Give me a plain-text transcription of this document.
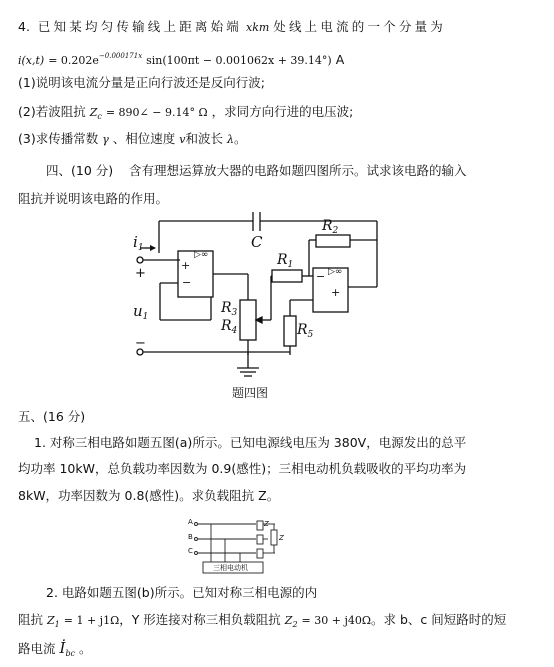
4. 已知某均匀传输线上距离始端 xkm 处线上电流的一个分量为
$i(x,t) = 0.202e^{-0.000171x}$ sin(100πt − 0.001062x + 39.14°) A
(1)说明该电流分量是正向行波还是反向行波;
(2)若波阻抗 $Z_c$ = 890∠ − 9.14° Ω ，求同方向行进的电压波;
(3)求传播常数 γ 、相位速度 v和波长 λ。
四、(10 分) 含有理想运算放大器的电路如题四图所示。试求该电路的输入
阻抗并说明该电路的作用。
$i_1$
+
$u_1$
−
C
$R_1$
$R_2$
$R_3$
$R_4$	$R_5$
▷∞
+
−
▷∞
−
+
题四图
五、(16 分)
1. 对称三相电路如题五图(a)所示。已知电源线电压为 380V，电源发出的总平
均功率 10kW，总负载功率因数为 0.9(感性)；三相电动机负载吸收的平均功率为
8kW，功率因数为 0.8(感性)。求负载阻抗 Z。
A
B
C
Z
Z
三相电动机
2. 电路如题五图(b)所示。已知对称三相电源的内
阻抗 $Z_1 = 1 + j1\Omega$，Y 形连接对称三相负载阻抗 $Z_2 = 30 + j40\Omega$。求 b、c 间短路时的短
路电流 $İ_{bc}$ 。
